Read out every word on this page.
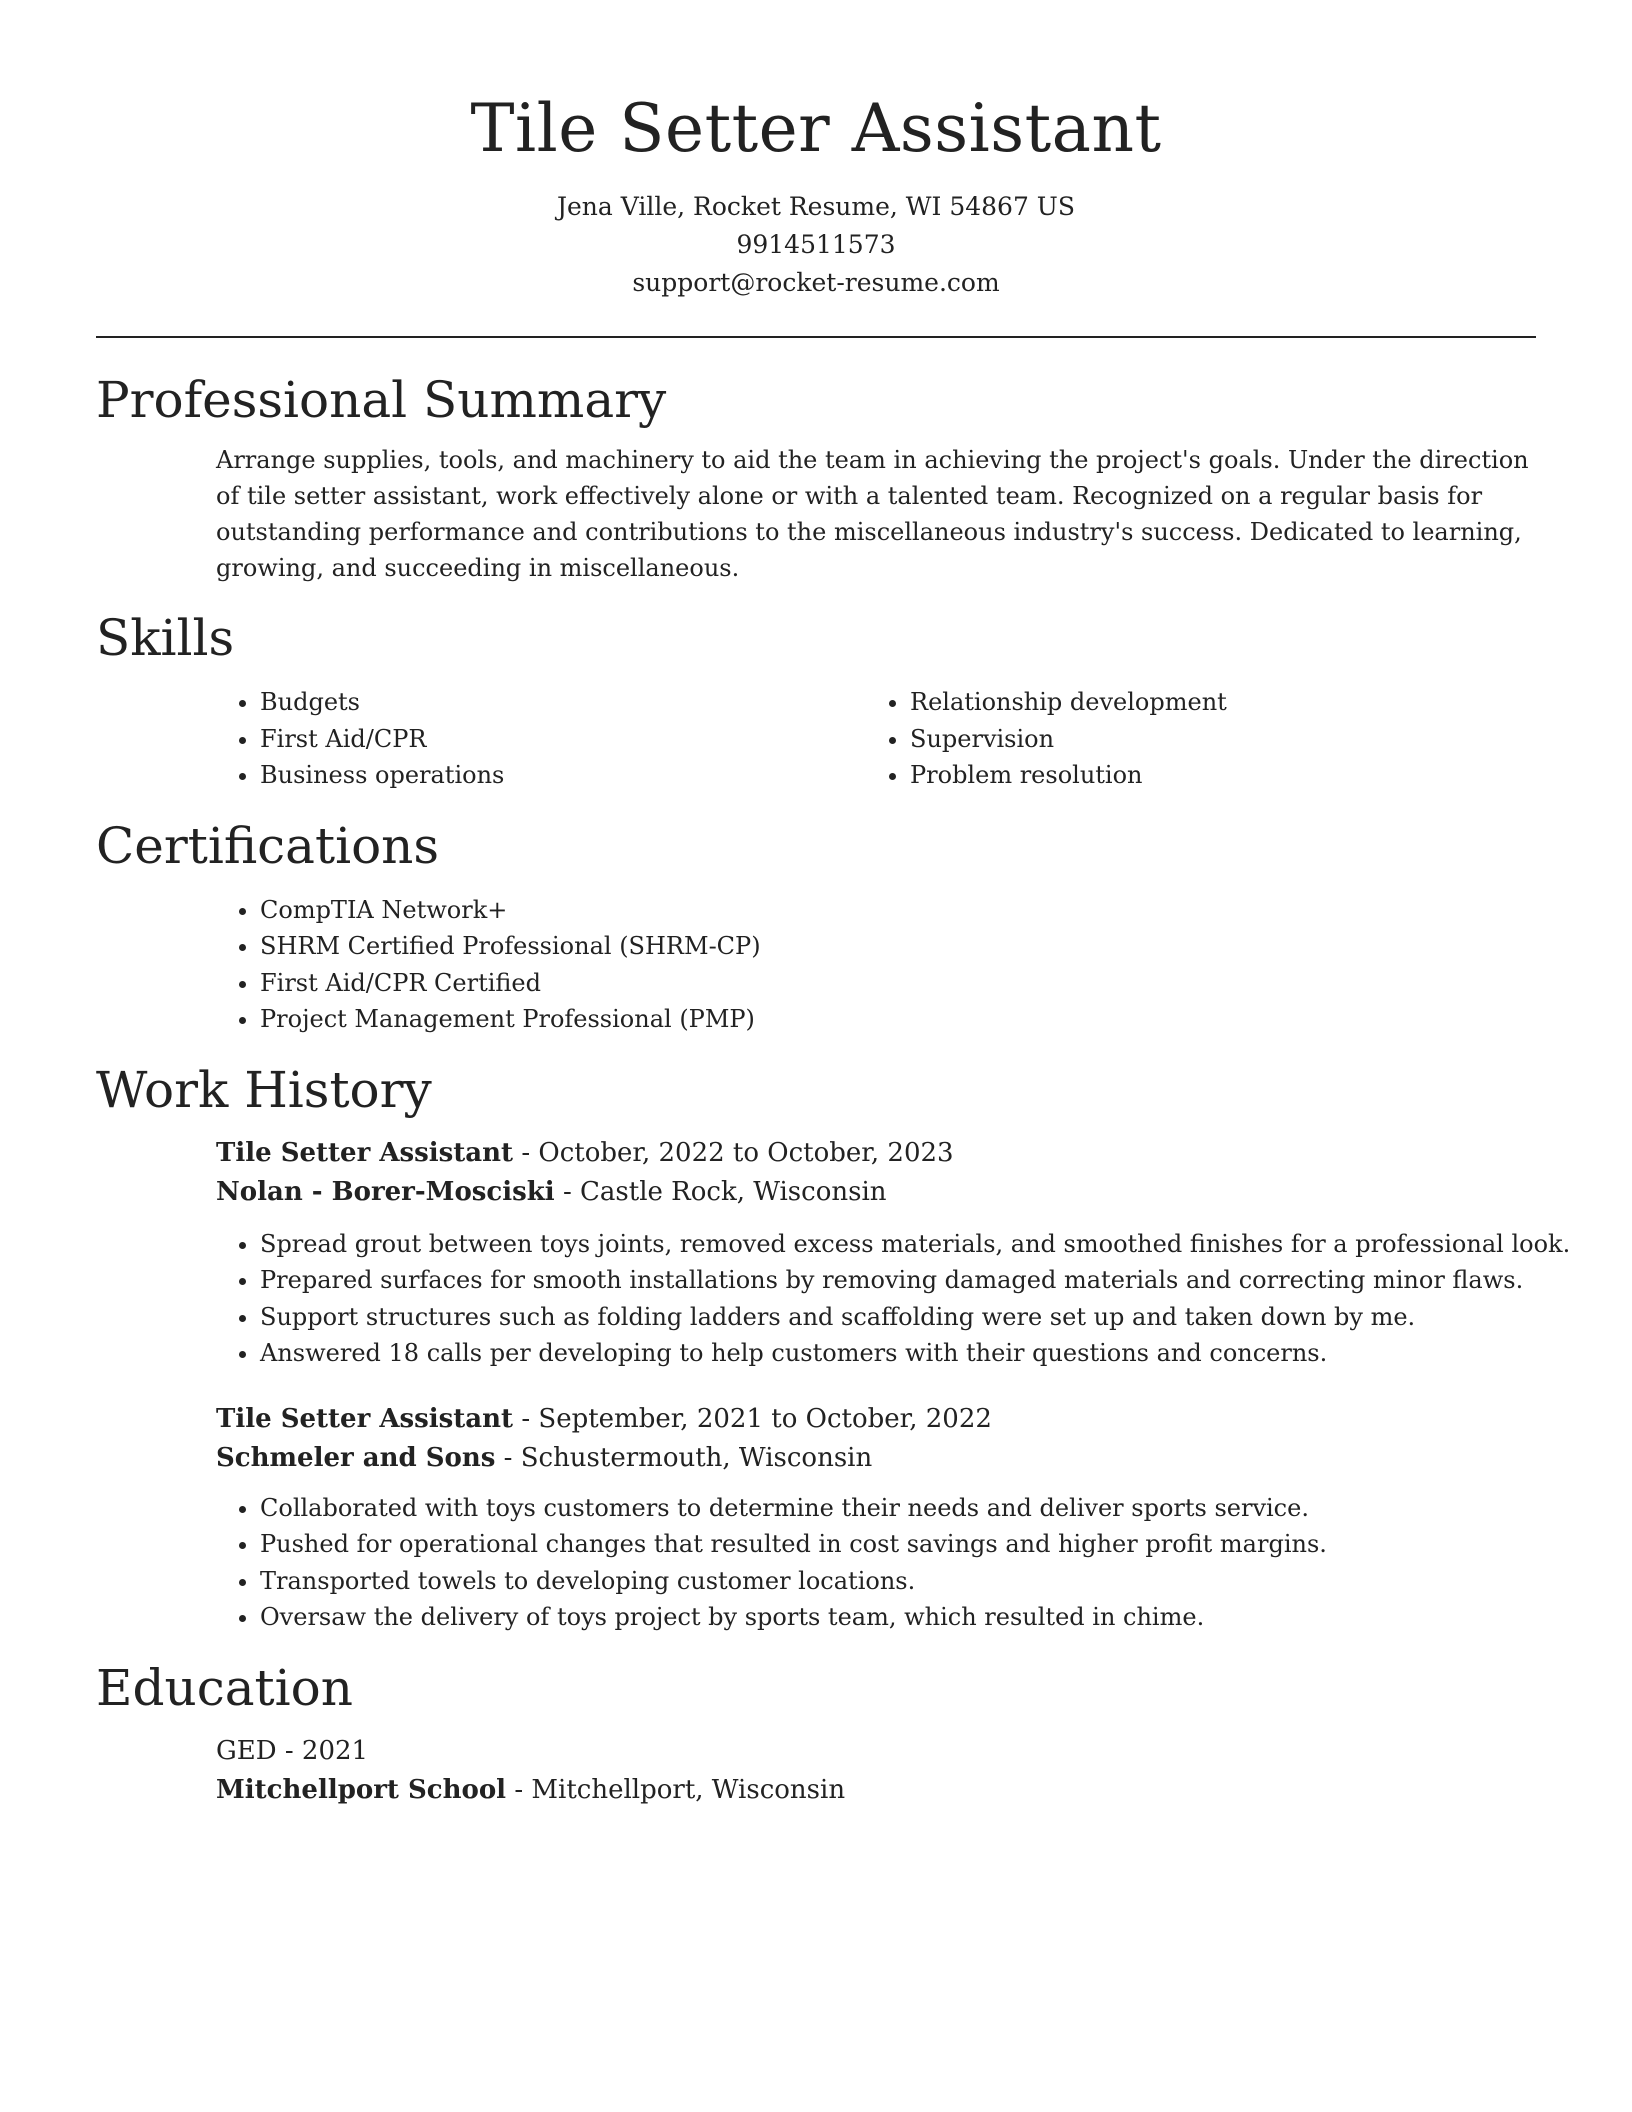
Tile Setter Assistant
Jena Ville, Rocket Resume, WI 54867 US
9914511573
support@rocket-resume.com
Professional Summary

Arrange supplies, tools, and machinery to aid the team in achieving the project's goals. Under the direction of tile setter assistant, work effectively alone or with a talented team. Recognized on a regular basis for outstanding performance and contributions to the miscellaneous industry's success. Dedicated to learning, growing, and succeeding in miscellaneous.

Skills
• Budgets
• First Aid/CPR
• Business operations
• Relationship development
• Supervision
• Problem resolution
Certifications
• CompTIA Network+
• SHRM Certified Professional (SHRM-CP)
• First Aid/CPR Certified
• Project Management Professional (PMP)
Work History
Tile Setter Assistant - October, 2022 to October, 2023
Nolan - Borer-Mosciski - Castle Rock, Wisconsin
• Spread grout between toys joints, removed excess materials, and smoothed finishes for a professional look.
• Prepared surfaces for smooth installations by removing damaged materials and correcting minor flaws.
• Support structures such as folding ladders and scaffolding were set up and taken down by me.
• Answered 18 calls per developing to help customers with their questions and concerns.
Tile Setter Assistant - September, 2021 to October, 2022
Schmeler and Sons - Schustermouth, Wisconsin
• Collaborated with toys customers to determine their needs and deliver sports service.
• Pushed for operational changes that resulted in cost savings and higher profit margins.
• Transported towels to developing customer locations.
• Oversaw the delivery of toys project by sports team, which resulted in chime.
Education
GED - 2021
Mitchellport School - Mitchellport, Wisconsin
